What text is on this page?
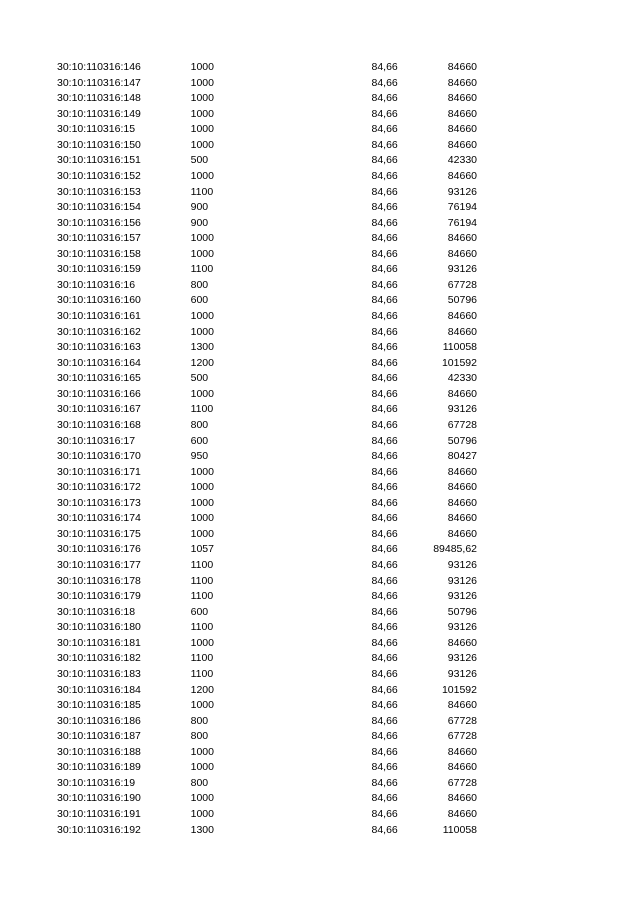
30:10:110316:146	1000	84,66	84660
30:10:110316:147	1000	84,66	84660
30:10:110316:148	1000	84,66	84660
30:10:110316:149	1000	84,66	84660
30:10:110316:15	1000	84,66	84660
30:10:110316:150	1000	84,66	84660
30:10:110316:151	500	84,66	42330
30:10:110316:152	1000	84,66	84660
30:10:110316:153	1100	84,66	93126
30:10:110316:154	900	84,66	76194
30:10:110316:156	900	84,66	76194
30:10:110316:157	1000	84,66	84660
30:10:110316:158	1000	84,66	84660
30:10:110316:159	1100	84,66	93126
30:10:110316:16	800	84,66	67728
30:10:110316:160	600	84,66	50796
30:10:110316:161	1000	84,66	84660
30:10:110316:162	1000	84,66	84660
30:10:110316:163	1300	84,66	110058
30:10:110316:164	1200	84,66	101592
30:10:110316:165	500	84,66	42330
30:10:110316:166	1000	84,66	84660
30:10:110316:167	1100	84,66	93126
30:10:110316:168	800	84,66	67728
30:10:110316:17	600	84,66	50796
30:10:110316:170	950	84,66	80427
30:10:110316:171	1000	84,66	84660
30:10:110316:172	1000	84,66	84660
30:10:110316:173	1000	84,66	84660
30:10:110316:174	1000	84,66	84660
30:10:110316:175	1000	84,66	84660
30:10:110316:176	1057	84,66	89485,62
30:10:110316:177	1100	84,66	93126
30:10:110316:178	1100	84,66	93126
30:10:110316:179	1100	84,66	93126
30:10:110316:18	600	84,66	50796
30:10:110316:180	1100	84,66	93126
30:10:110316:181	1000	84,66	84660
30:10:110316:182	1100	84,66	93126
30:10:110316:183	1100	84,66	93126
30:10:110316:184	1200	84,66	101592
30:10:110316:185	1000	84,66	84660
30:10:110316:186	800	84,66	67728
30:10:110316:187	800	84,66	67728
30:10:110316:188	1000	84,66	84660
30:10:110316:189	1000	84,66	84660
30:10:110316:19	800	84,66	67728
30:10:110316:190	1000	84,66	84660
30:10:110316:191	1000	84,66	84660
30:10:110316:192	1300	84,66	110058
